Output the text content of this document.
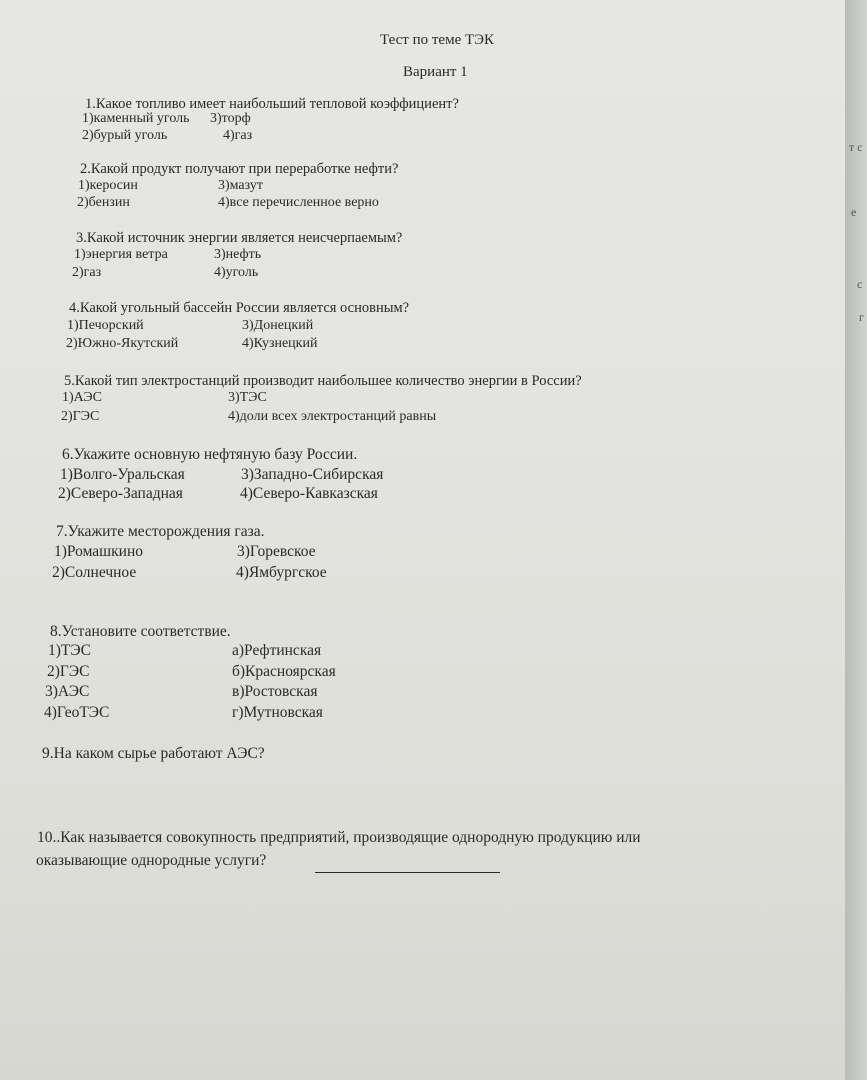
Тест по теме ТЭК
Вариант 1
1.Какое топливо имеет наибольший тепловой коэффициент?
1)каменный уголь 3)торф
2)бурый уголь	4)газ
2.Какой продукт получают при переработке нефти?
1)керосин	3)мазут
2)бензин	4)все перечисленное верно
3.Какой источник энергии является неисчерпаемым?
1)энергия ветра	3)нефть
2)газ	4)уголь
4.Какой угольный бассейн России является основным?
1)Печорский	3)Донецкий
2)Южно-Якутский	4)Кузнецкий
5.Какой тип электростанций производит наибольшее количество энергии в России?
1)АЭС	3)ТЭС
2)ГЭС	4)доли всех электростанций равны
6.Укажите основную нефтяную базу России.
1)Волго-Уральская	3)Западно-Сибирская
2)Северо-Западная	4)Северо-Кавказская
7.Укажите месторождения газа.
1)Ромашкино	3)Горевское
2)Солнечное	4)Ямбургское
8.Установите соответствие.
1)ТЭС	а)Рефтинская
2)ГЭС	б)Красноярская
3)АЭС	в)Ростовская
4)ГеоТЭС	г)Мутновская
9.На каком сырье работают АЭС?
10..Как называется совокупность предприятий, производящие однородную продукцию или
оказывающие однородные услуги?
т с
е
с
г
